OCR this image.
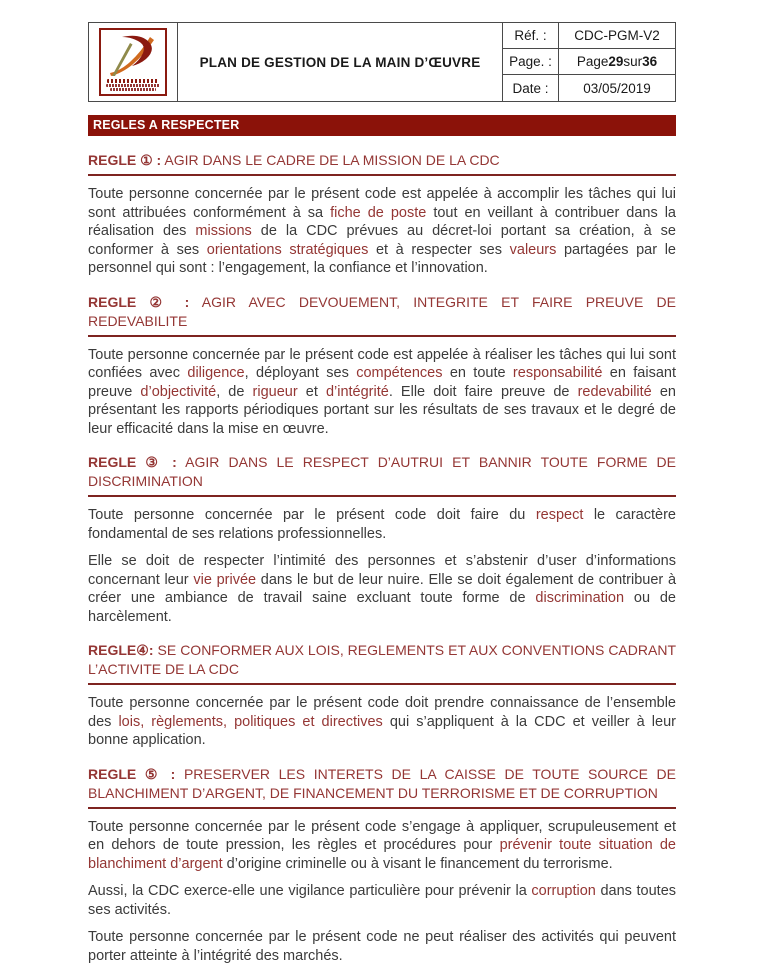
PLAN DE GESTION DE LA MAIN D’ŒUVRE
Réf. :	CDC-PGM-V2
Page. :	Page 29 sur 36
Date :	03/05/2019
REGLES A RESPECTER
REGLE ① : AGIR DANS LE CADRE DE LA MISSION DE LA CDC
Toute personne concernée par le présent code est appelée à accomplir les tâches qui lui sont attribuées conformément à sa fiche de poste tout en veillant à contribuer dans la réalisation des missions de la CDC prévues au décret-loi portant sa création, à se conformer à ses orientations stratégiques et à respecter ses valeurs partagées par le personnel qui sont : l’engagement, la confiance et l’innovation.
REGLE ② : AGIR AVEC DEVOUEMENT, INTEGRITE ET FAIRE PREUVE DE REDEVABILITE
Toute personne concernée par le présent code est appelée à réaliser les tâches qui lui sont confiées avec diligence, déployant ses compétences en toute responsabilité en faisant preuve d’objectivité, de rigueur et d’intégrité. Elle doit faire preuve de redevabilité en présentant les rapports périodiques portant sur les résultats de ses travaux et le degré de leur efficacité dans la mise en œuvre.
REGLE ③ : AGIR DANS LE RESPECT D’AUTRUI ET BANNIR TOUTE FORME DE DISCRIMINATION
Toute personne concernée par le présent code doit faire du respect le caractère fondamental de ses relations professionnelles.
Elle se doit de respecter l’intimité des personnes et s’abstenir d’user d’informations concernant leur vie privée dans le but de leur nuire. Elle se doit également de contribuer à créer une ambiance de travail saine excluant toute forme de discrimination ou de harcèlement.
REGLE④: SE CONFORMER AUX LOIS, REGLEMENTS ET AUX CONVENTIONS CADRANT L’ACTIVITE DE LA CDC
Toute personne concernée par le présent code doit prendre connaissance de l’ensemble des lois, règlements, politiques et directives qui s’appliquent à la CDC et veiller à leur bonne application.
REGLE ⑤ : PRESERVER LES INTERETS DE LA CAISSE DE TOUTE SOURCE DE BLANCHIMENT D’ARGENT, DE FINANCEMENT DU TERRORISME ET DE CORRUPTION
Toute personne concernée par le présent code s’engage à appliquer, scrupuleusement et en dehors de toute pression, les règles et procédures pour prévenir toute situation de blanchiment d’argent d’origine criminelle ou à visant le financement du terrorisme.
Aussi, la CDC exerce-elle une vigilance particulière pour prévenir la corruption dans toutes ses activités.
Toute personne concernée par le présent code ne peut réaliser des activités qui peuvent porter atteinte à l’intégrité des marchés.
